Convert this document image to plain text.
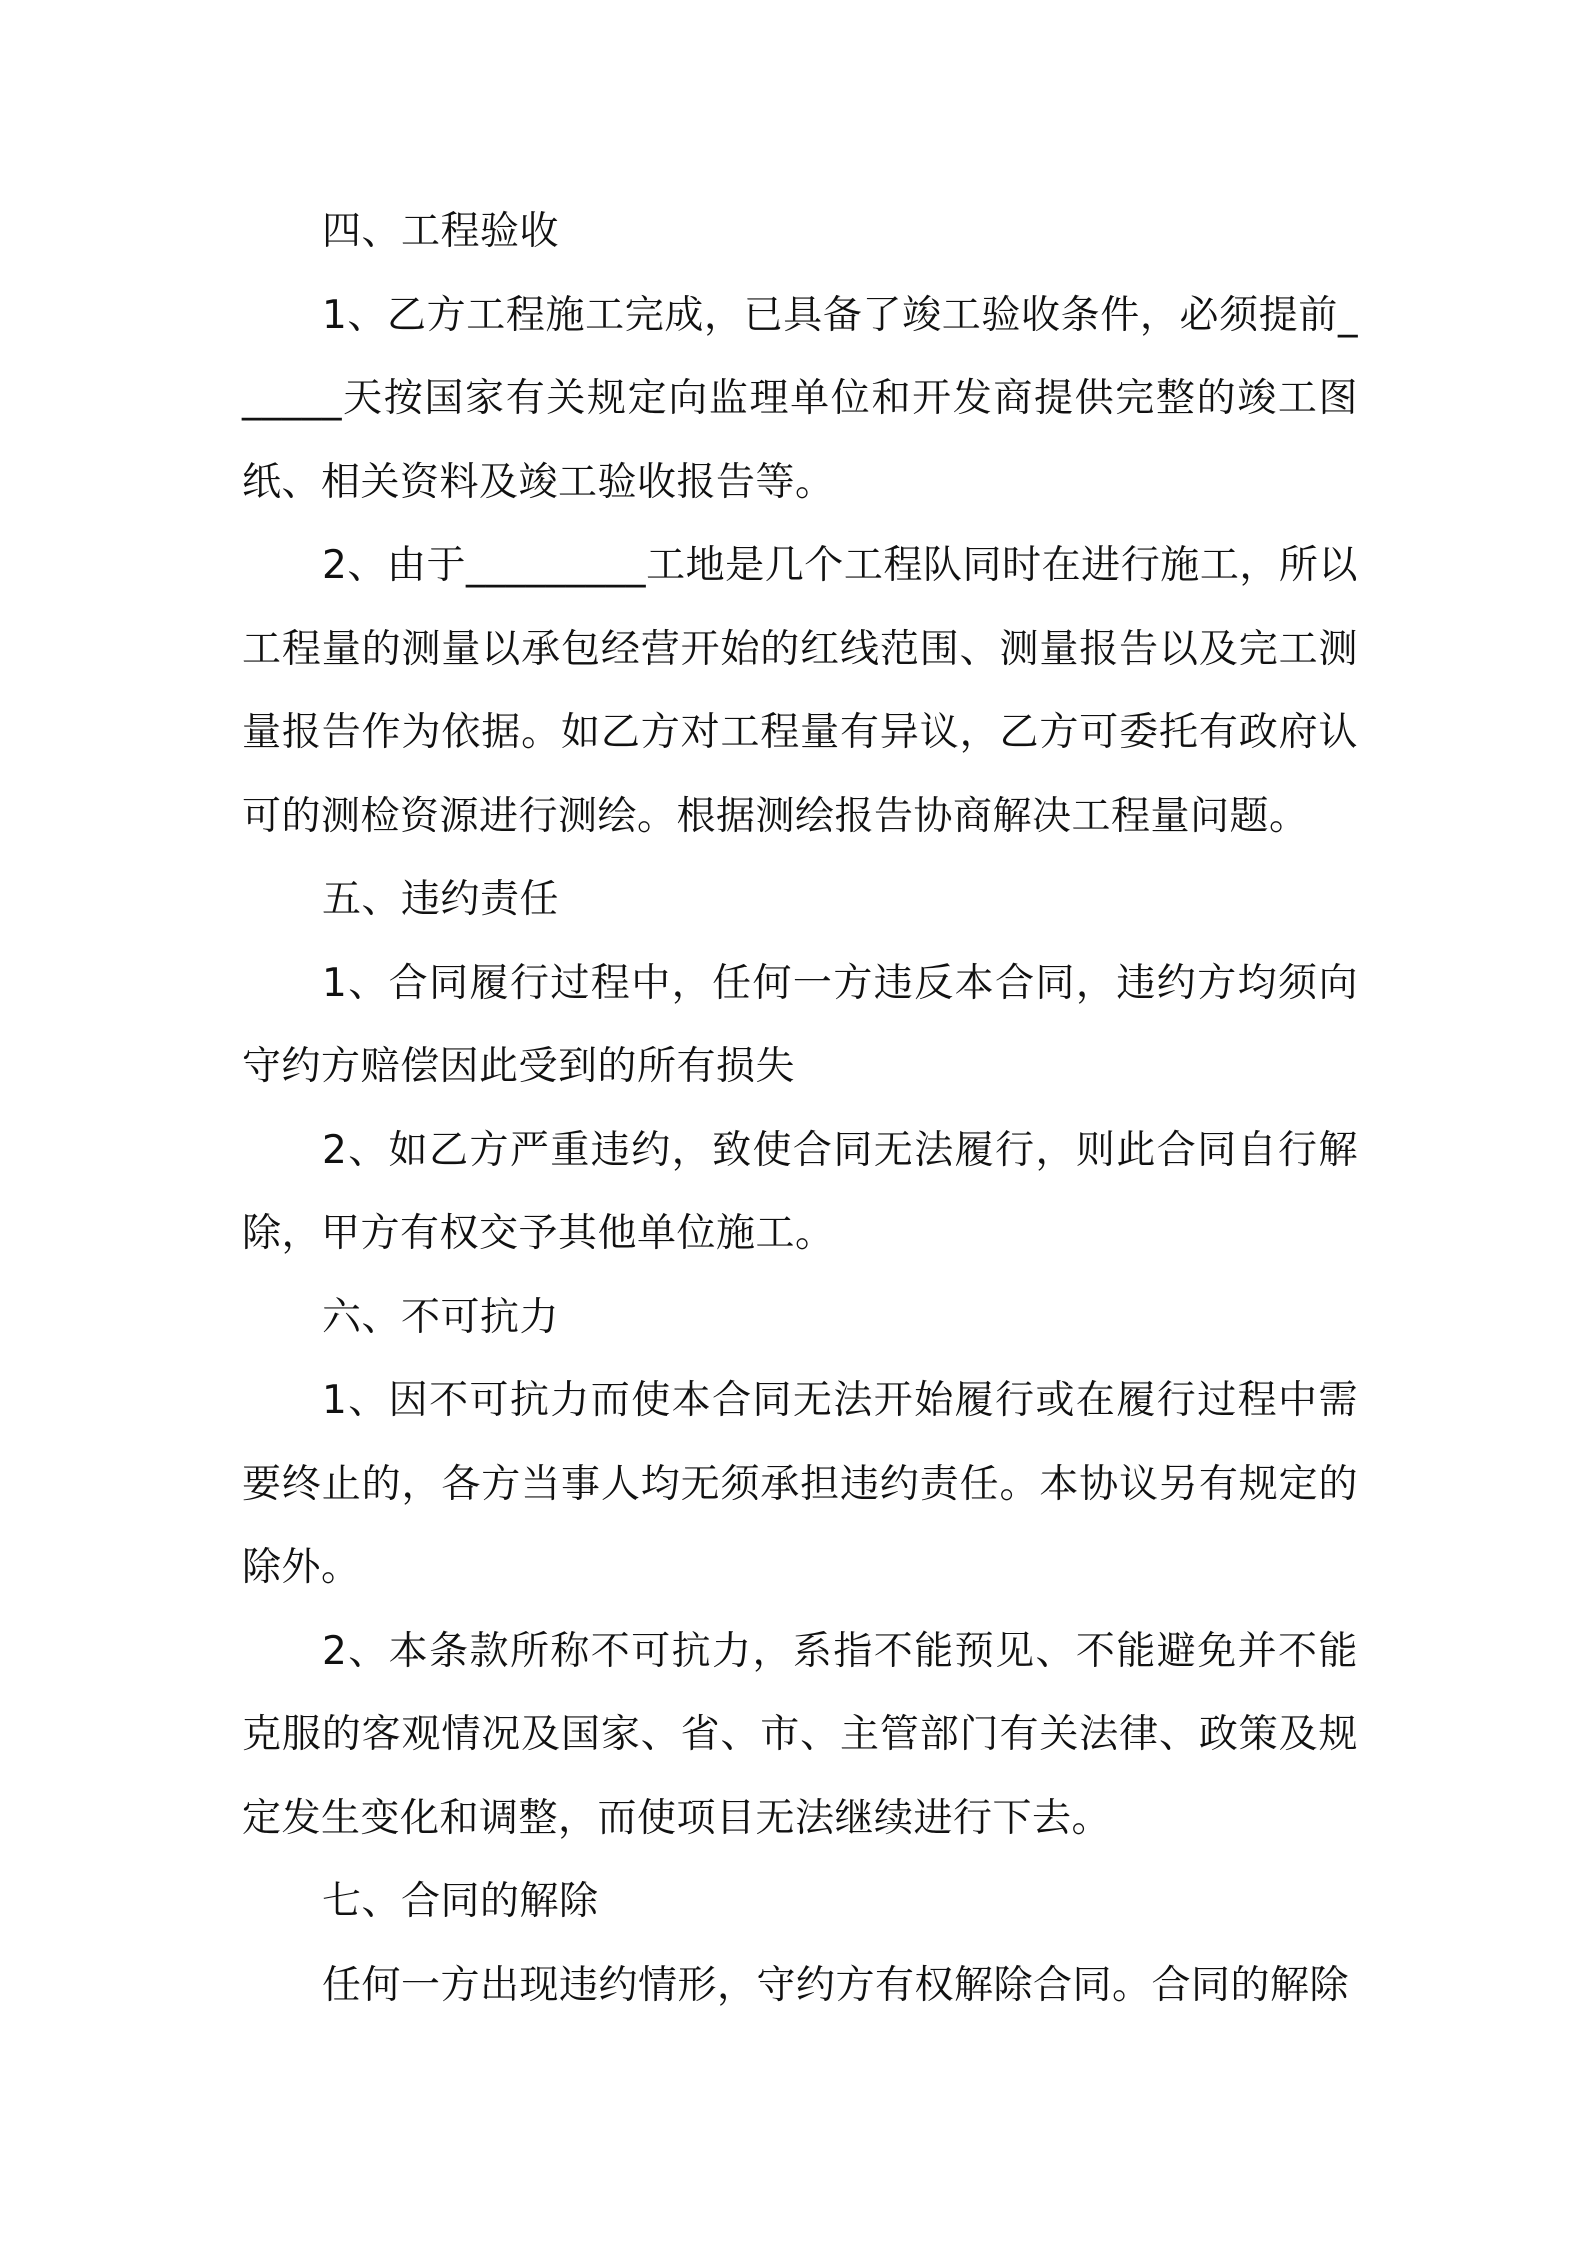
四、工程验收

1、乙方工程施工完成，已具备了竣工验收条件，必须提前______天按国家有关规定向监理单位和开发商提供完整的竣工图纸、相关资料及竣工验收报告等。

2、由于_________工地是几个工程队同时在进行施工，所以工程量的测量以承包经营开始的红线范围、测量报告以及完工测量报告作为依据。如乙方对工程量有异议，乙方可委托有政府认可的测检资源进行测绘。根据测绘报告协商解决工程量问题。

五、违约责任

1、合同履行过程中，任何一方违反本合同，违约方均须向守约方赔偿因此受到的所有损失

2、如乙方严重违约，致使合同无法履行，则此合同自行解除，甲方有权交予其他单位施工。

六、不可抗力

1、因不可抗力而使本合同无法开始履行或在履行过程中需要终止的，各方当事人均无须承担违约责任。本协议另有规定的除外。

2、本条款所称不可抗力，系指不能预见、不能避免并不能克服的客观情况及国家、省、市、主管部门有关法律、政策及规定发生变化和调整，而使项目无法继续进行下去。

七、合同的解除

任何一方出现违约情形，守约方有权解除合同。合同的解除
